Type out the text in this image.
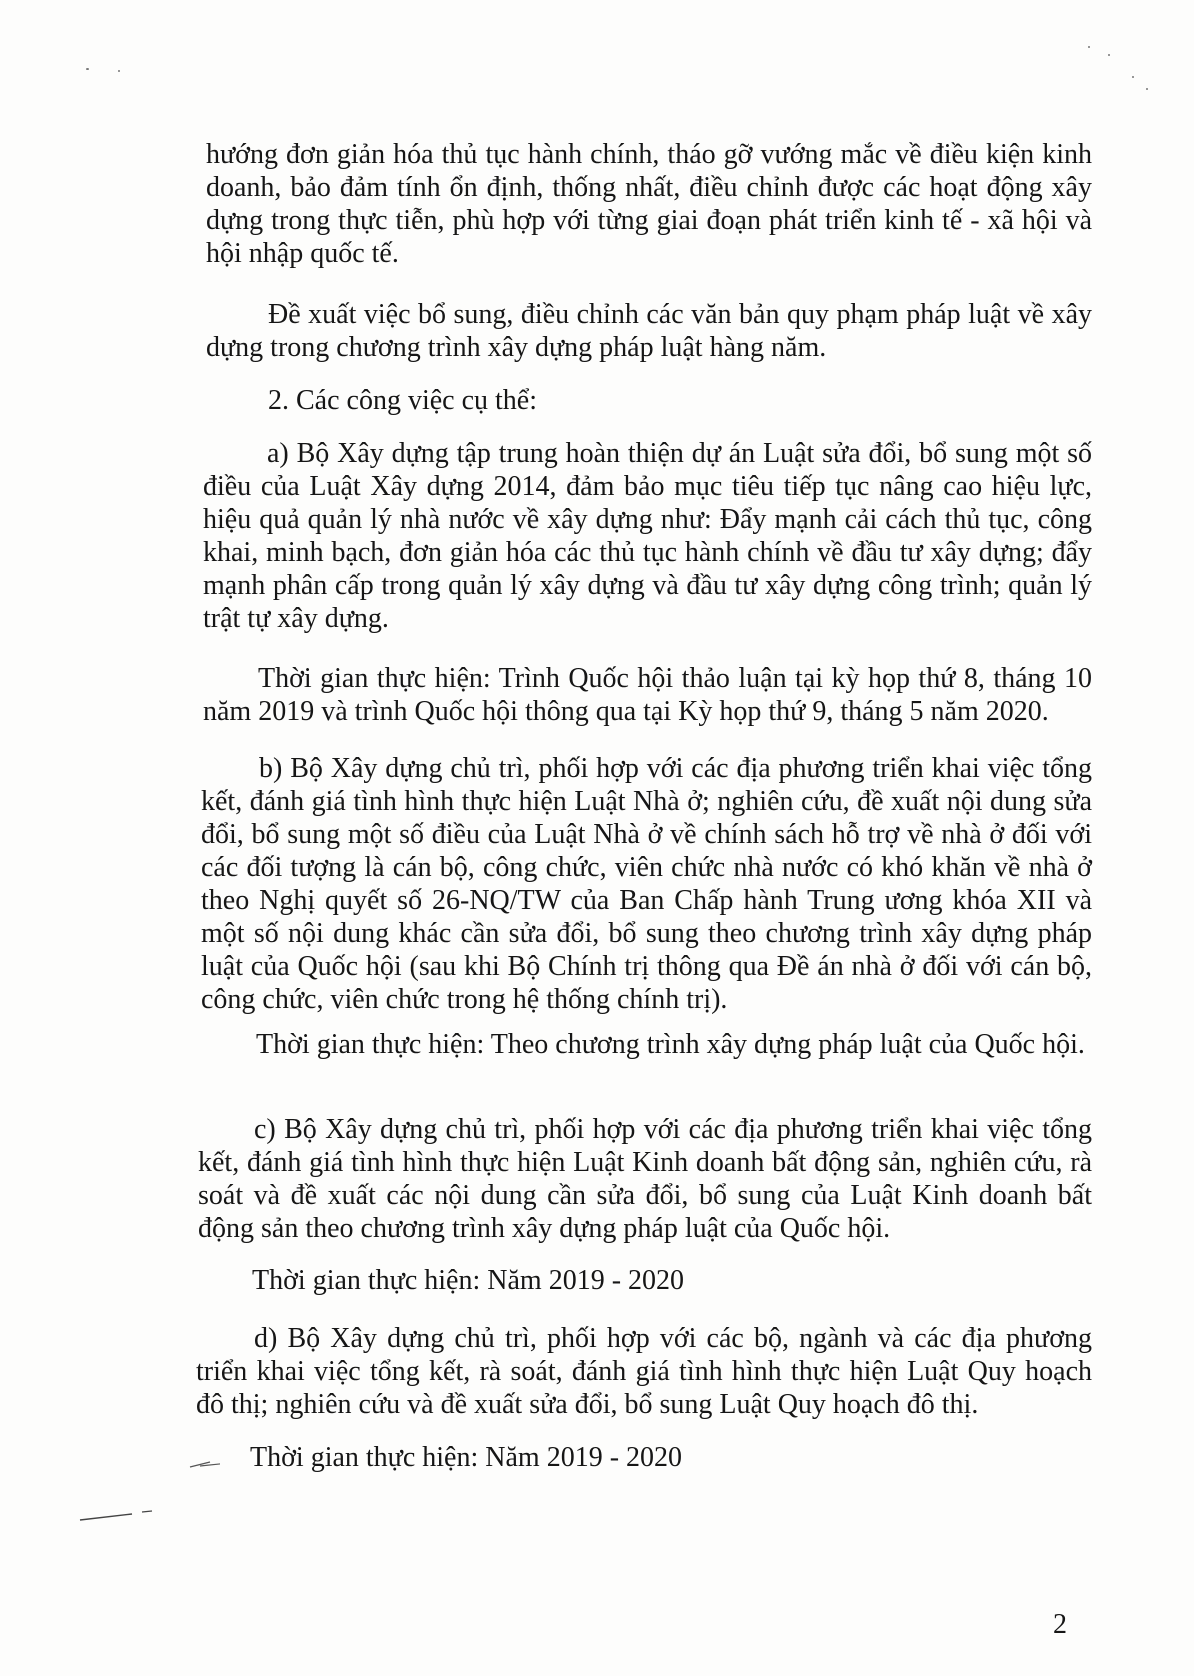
hướng đơn giản hóa thủ tục hành chính, tháo gỡ vướng mắc về điều kiện kinh doanh, bảo đảm tính ổn định, thống nhất, điều chỉnh được các hoạt động xây dựng trong thực tiễn, phù hợp với từng giai đoạn phát triển kinh tế - xã hội và hội nhập quốc tế.
Đề xuất việc bổ sung, điều chỉnh các văn bản quy phạm pháp luật về xây dựng trong chương trình xây dựng pháp luật hàng năm.
2. Các công việc cụ thể:
a) Bộ Xây dựng tập trung hoàn thiện dự án Luật sửa đổi, bổ sung một số điều của Luật Xây dựng 2014, đảm bảo mục tiêu tiếp tục nâng cao hiệu lực, hiệu quả quản lý nhà nước về xây dựng như: Đẩy mạnh cải cách thủ tục, công khai, minh bạch, đơn giản hóa các thủ tục hành chính về đầu tư xây dựng; đẩy mạnh phân cấp trong quản lý xây dựng và đầu tư xây dựng công trình; quản lý trật tự xây dựng.
Thời gian thực hiện: Trình Quốc hội thảo luận tại kỳ họp thứ 8, tháng 10 năm 2019 và trình Quốc hội thông qua tại Kỳ họp thứ 9, tháng 5 năm 2020.
b) Bộ Xây dựng chủ trì, phối hợp với các địa phương triển khai việc tổng kết, đánh giá tình hình thực hiện Luật Nhà ở; nghiên cứu, đề xuất nội dung sửa đổi, bổ sung một số điều của Luật Nhà ở về chính sách hỗ trợ về nhà ở đối với các đối tượng là cán bộ, công chức, viên chức nhà nước có khó khăn về nhà ở theo Nghị quyết số 26-NQ/TW của Ban Chấp hành Trung ương khóa XII và một số nội dung khác cần sửa đổi, bổ sung theo chương trình xây dựng pháp luật của Quốc hội (sau khi Bộ Chính trị thông qua Đề án nhà ở đối với cán bộ, công chức, viên chức trong hệ thống chính trị).
Thời gian thực hiện: Theo chương trình xây dựng pháp luật của Quốc hội.
c) Bộ Xây dựng chủ trì, phối hợp với các địa phương triển khai việc tổng kết, đánh giá tình hình thực hiện Luật Kinh doanh bất động sản, nghiên cứu, rà soát và đề xuất các nội dung cần sửa đổi, bổ sung của Luật Kinh doanh bất động sản theo chương trình xây dựng pháp luật của Quốc hội.
Thời gian thực hiện: Năm 2019 - 2020
d) Bộ Xây dựng chủ trì, phối hợp với các bộ, ngành và các địa phương triển khai việc tổng kết, rà soát, đánh giá tình hình thực hiện Luật Quy hoạch đô thị; nghiên cứu và đề xuất sửa đổi, bổ sung Luật Quy hoạch đô thị.
Thời gian thực hiện: Năm 2019 - 2020
2
